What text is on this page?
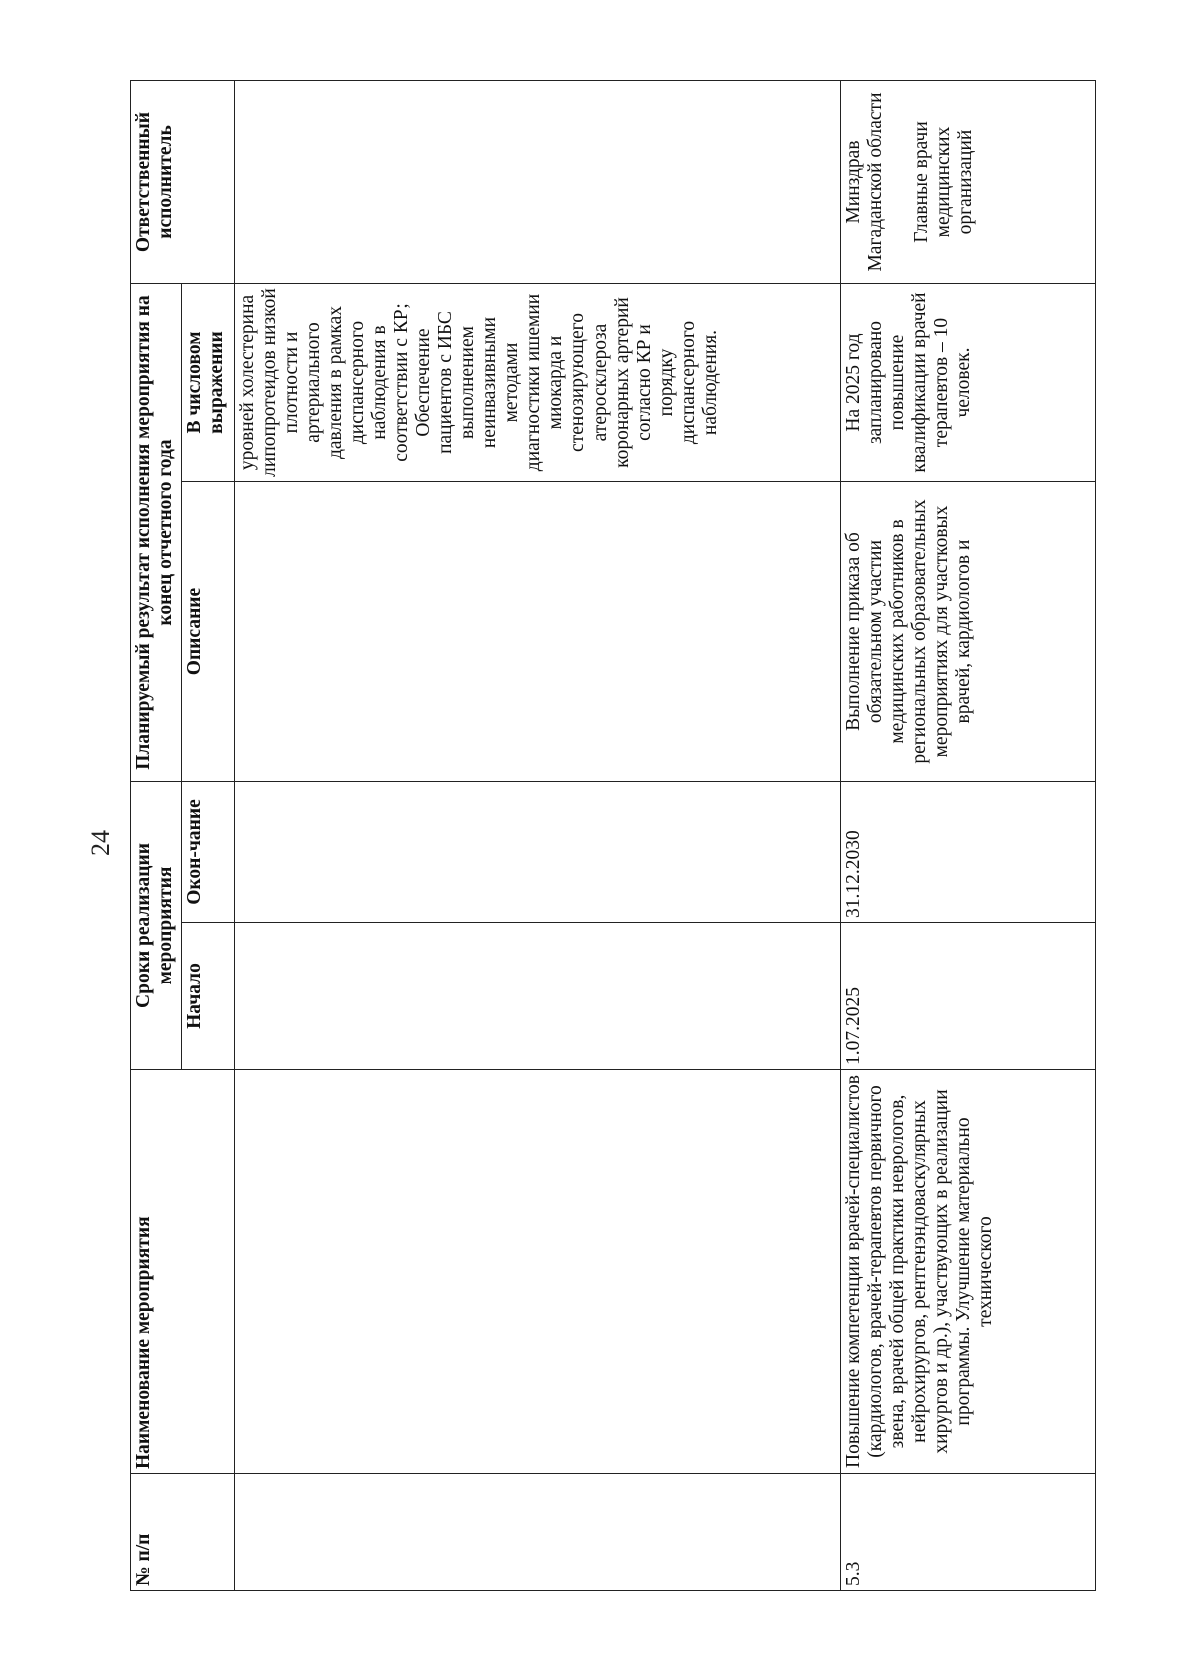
24
№ п/п	Наименование мероприятия	Сроки реализации мероприятия		Планируемый результат исполнения мероприятия на конец отчетного года		Ответственный исполнитель
		Начало	Окон-чание	Описание	В числовом выражении	
					уровней холестерина липопротеидов низкой плотности и артериального давления в рамках диспансерного наблюдения в соответствии с КР; Обеспечение пациентов с ИБС выполнением неинвазивными методами диагностики ишемии миокарда и стенозирующего атеросклероза коронарных артерий согласно КР и порядку диспансерного наблюдения.	
5.3	Повышение компетенции врачей-специалистов (кардиологов, врачей-терапевтов первичного звена, врачей общей практики неврологов, нейрохирургов, рентгенэндоваскулярных хирургов и др.), участвующих в реализации программы. Улучшение материально технического	1.07.2025	31.12.2030	Выполнение приказа об обязательном участии медицинских работников в региональных образовательных мероприятиях для участковых врачей, кардиологов и	На 2025 год запланировано повышение квалификации врачей терапевтов – 10 человек.	Минздрав Магаданской области Главные врачи медицинских организаций
